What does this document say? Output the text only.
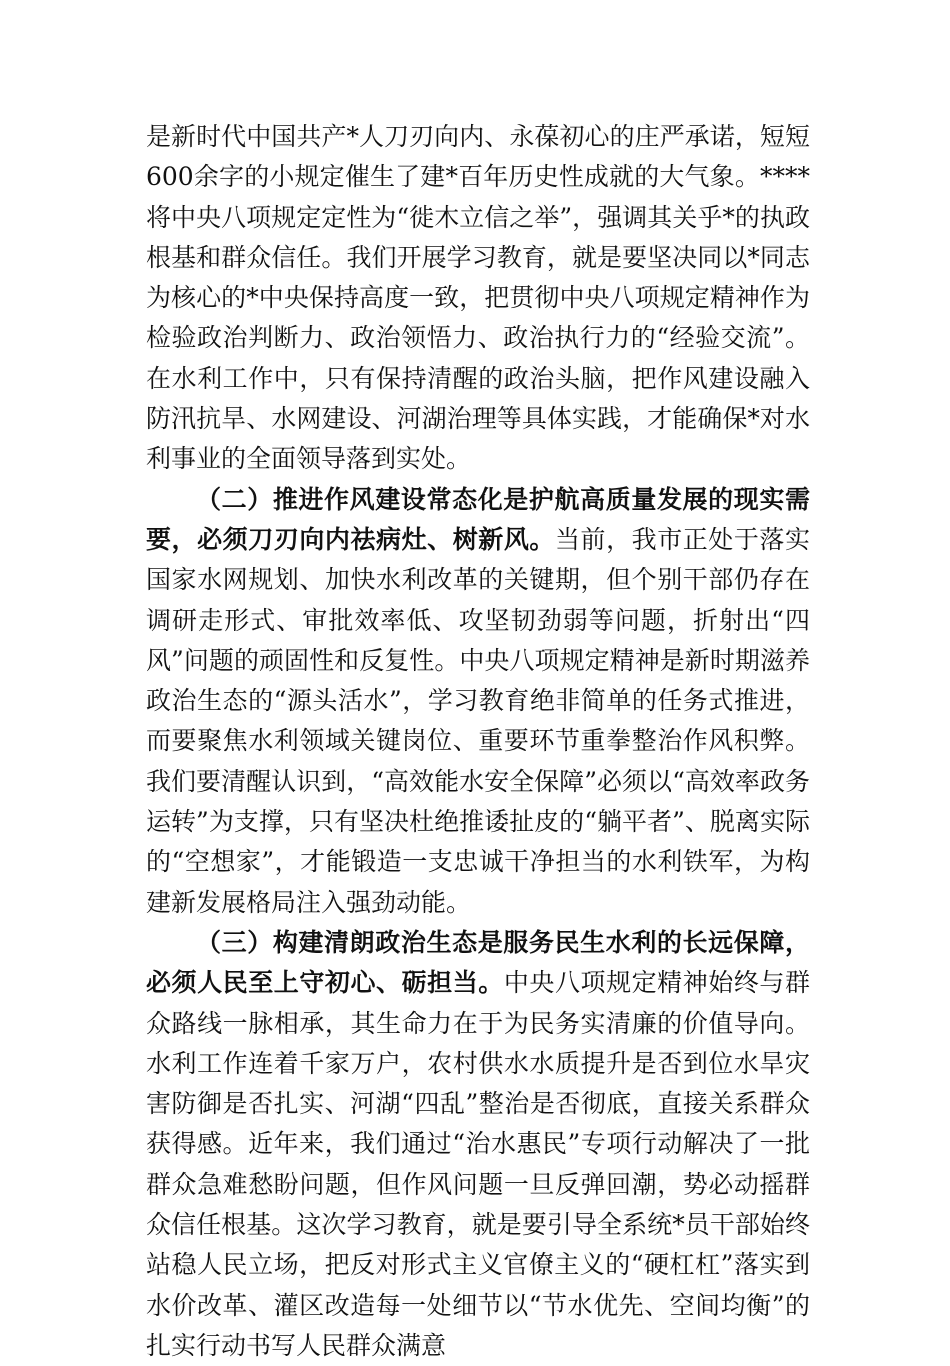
是新时代中国共产*人刀刃向内、永葆初心的庄严承诺，短短600余字的小规定催生了建*百年历史性成就的大气象。****将中央八项规定定性为“徙木立信之举”，强调其关乎*的执政根基和群众信任。我们开展学习教育，就是要坚决同以*同志为核心的*中央保持高度一致，把贯彻中央八项规定精神作为检验政治判断力、政治领悟力、政治执行力的“经验交流”。在水利工作中，只有保持清醒的政治头脑，把作风建设融入防汛抗旱、水网建设、河湖治理等具体实践，才能确保*对水利事业的全面领导落到实处。

（二）推进作风建设常态化是护航高质量发展的现实需要，必须刀刃向内祛病灶、树新风。当前，我市正处于落实国家水网规划、加快水利改革的关键期，但个别干部仍存在调研走形式、审批效率低、攻坚韧劲弱等问题，折射出“四风”问题的顽固性和反复性。中央八项规定精神是新时期滋养政治生态的“源头活水”，学习教育绝非简单的任务式推进，而要聚焦水利领域关键岗位、重要环节重拳整治作风积弊。我们要清醒认识到，“高效能水安全保障”必须以“高效率政务运转”为支撑，只有坚决杜绝推诿扯皮的“躺平者”、脱离实际的“空想家”，才能锻造一支忠诚干净担当的水利铁军，为构建新发展格局注入强劲动能。

（三）构建清朗政治生态是服务民生水利的长远保障，必须人民至上守初心、砺担当。中央八项规定精神始终与群众路线一脉相承，其生命力在于为民务实清廉的价值导向。水利工作连着千家万户，农村供水水质提升是否到位水旱灾害防御是否扎实、河湖“四乱”整治是否彻底，直接关系群众获得感。近年来，我们通过“治水惠民”专项行动解决了一批群众急难愁盼问题，但作风问题一旦反弹回潮，势必动摇群众信任根基。这次学习教育，就是要引导全系统*员干部始终站稳人民立场，把反对形式主义官僚主义的“硬杠杠”落实到水价改革、灌区改造每一处细节以“节水优先、空间均衡”的扎实行动书写人民群众满意
